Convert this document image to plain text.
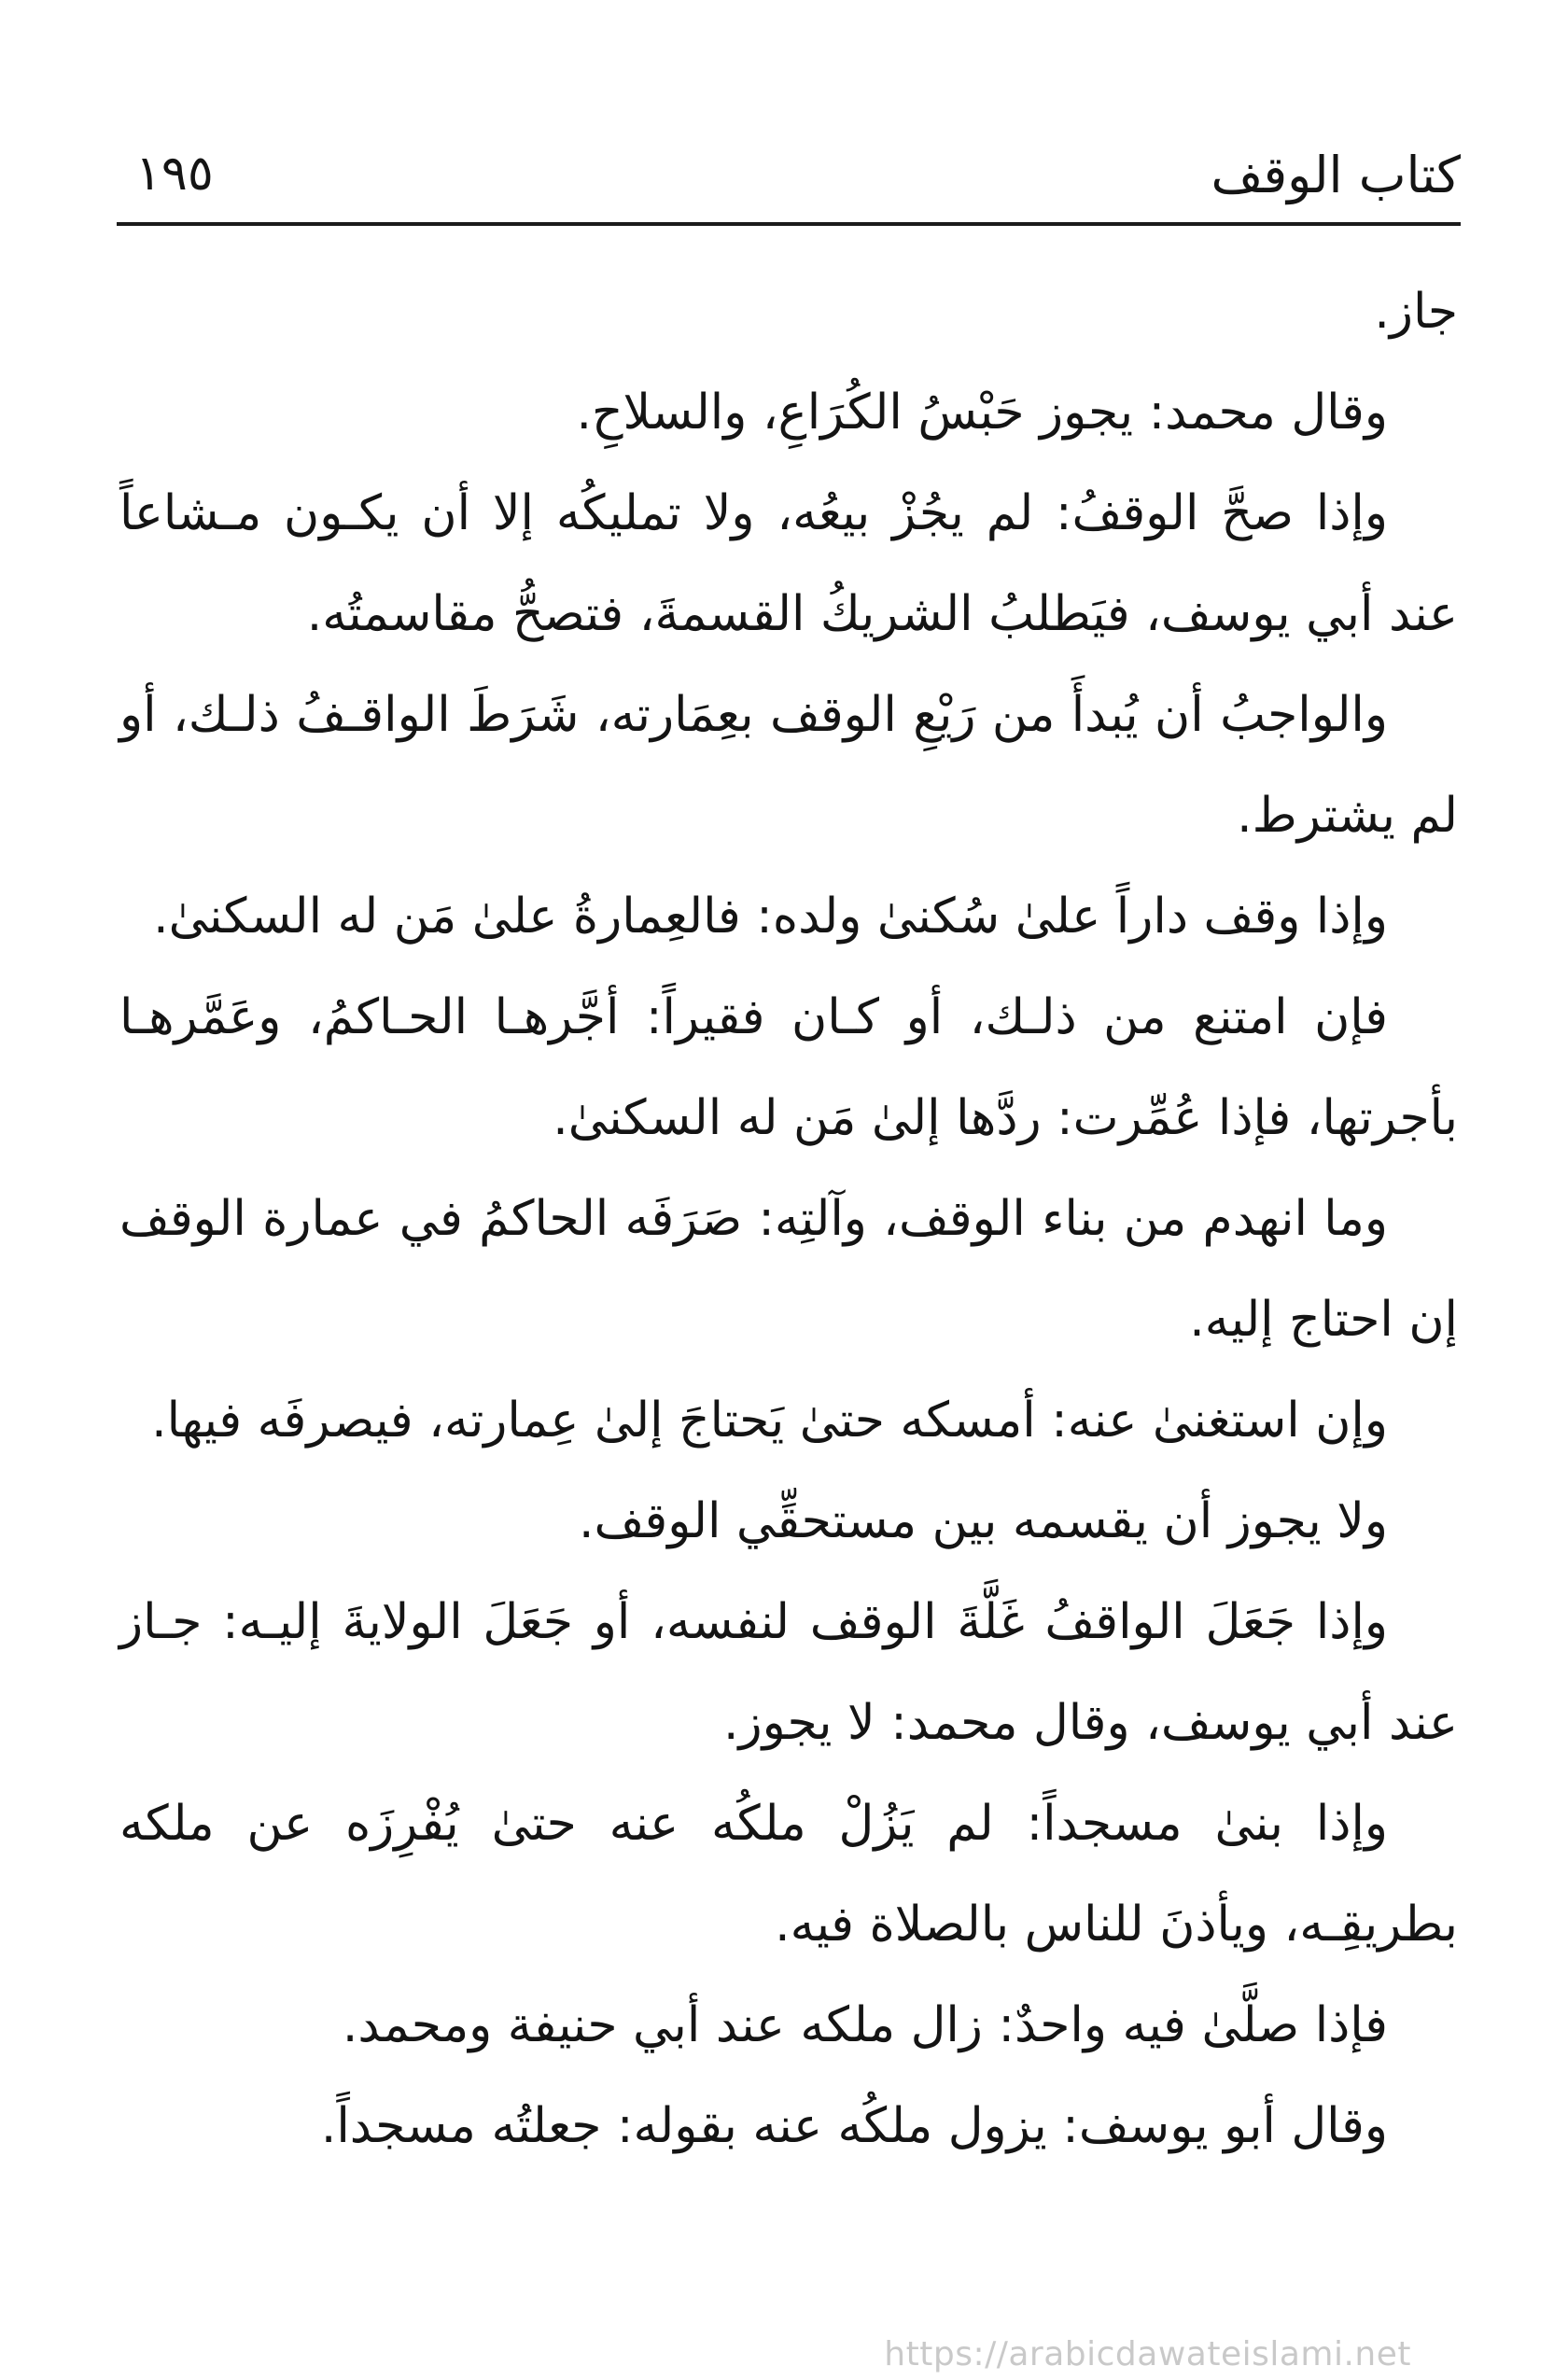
كتاب الوقف
١٩٥

جاز.

وقال محمد: يجوز حَبْسُ الكُرَاعِ، والسلاحِ.

وإذا صحَّ الوقفُ: لم يجُزْ بيعُه، ولا تمليكُه إلا أن يكـون مـشاعاً عند أبي يوسف، فيَطلبُ الشريكُ القسمةَ، فتصحُّ مقاسمتُه.

والواجبُ أن يُبدأَ من رَيْعِ الوقف بعِمَارته، شَرَطَ الواقـفُ ذلـك، أو لم يشترط.

وإذا وقف داراً علىٰ سُكنىٰ ولده: فالعِمارةُ علىٰ مَن له السكنىٰ.

فإن امتنع من ذلـك، أو كـان فقيراً: أجَّرهـا الحـاكمُ، وعَمَّرهـا بأجرتها، فإذا عُمِّرت: ردَّها إلىٰ مَن له السكنىٰ.

وما انهدم من بناء الوقف، وآلتِه: صَرَفَه الحاكمُ في عمارة الوقف إن احتاج إليه.

وإن استغنىٰ عنه: أمسكه حتىٰ يَحتاجَ إلىٰ عِمارته، فيصرفَه فيها.

ولا يجوز أن يقسمه بين مستحقِّي الوقف.

وإذا جَعَلَ الواقفُ غَلَّةَ الوقف لنفسه، أو جَعَلَ الولايةَ إليـه: جـاز عند أبي يوسف، وقال محمد: لا يجوز.

وإذا بنىٰ مسجداً: لم يَزُلْ ملكُه عنه حتىٰ يُفْرِزَه عن ملكه بطريقِـه، ويأذنَ للناس بالصلاة فيه.

فإذا صلَّىٰ فيه واحدٌ: زال ملكه عند أبي حنيفة ومحمد.

وقال أبو يوسف: يزول ملكُه عنه بقوله: جعلتُه مسجداً.

https://arabicdawateislami.net
